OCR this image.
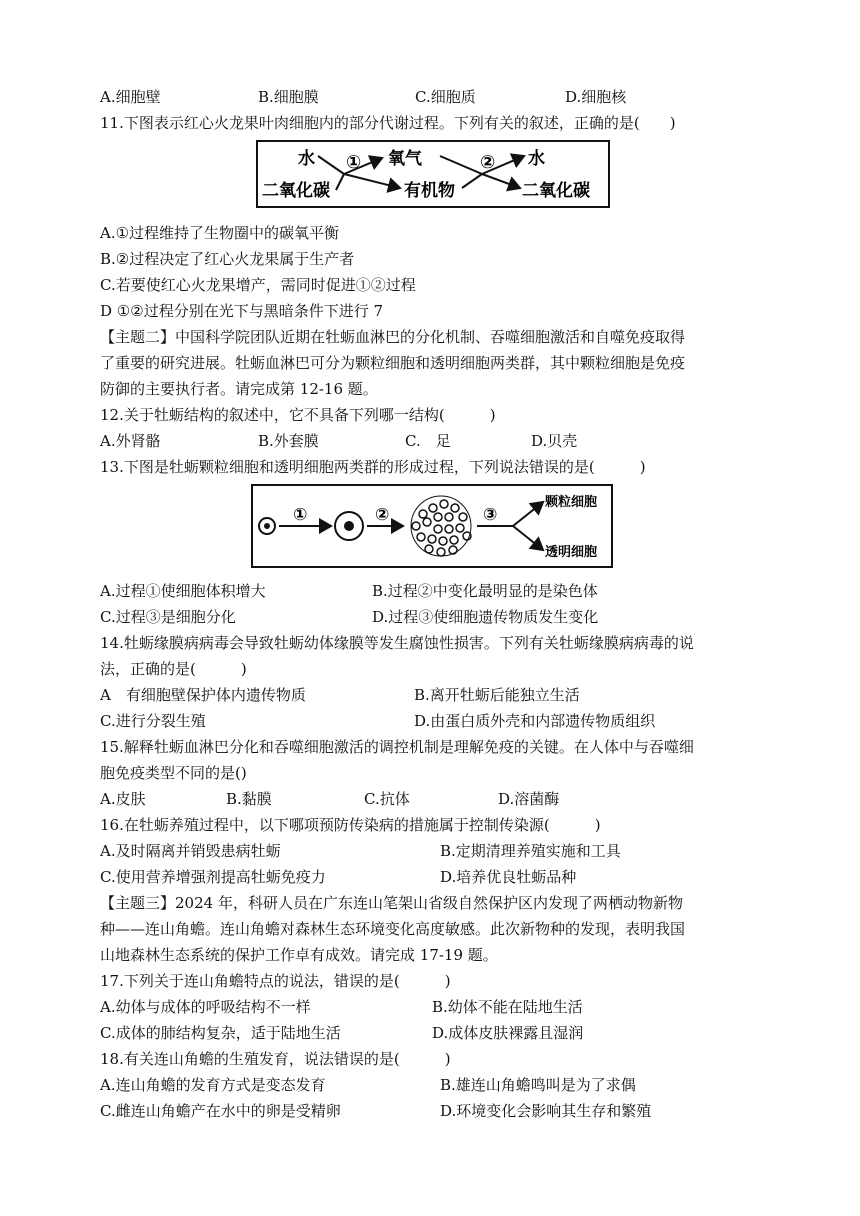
A.细胞壁	B.细胞膜	C.细胞质	D.细胞核
11.下图表示红心火龙果叶肉细胞内的部分代谢过程。下列有关的叙述，正确的是(　　)
水
二氧化碳
① 氧气
有机物
② 水
二氧化碳
A.①过程维持了生物圈中的碳氧平衡
B.②过程决定了红心火龙果属于生产者
C.若要使红心火龙果增产，需同时促进①②过程
D ①②过程分别在光下与黑暗条件下进行 7
【主题二】中国科学院团队近期在牡蛎血淋巴的分化机制、吞噬细胞激活和自噬免疫取得
了重要的研究进展。牡蛎血淋巴可分为颗粒细胞和透明细胞两类群，其中颗粒细胞是免疫
防御的主要执行者。请完成第 12-16 题。
12.关于牡蛎结构的叙述中，它不具备下列哪一结构(　　　)
A.外肾骼	B.外套膜	C.　足	D.贝壳
13.下图是牡蛎颗粒细胞和透明细胞两类群的形成过程，下列说法错误的是(　　　)
①	②	③
颗粒细胞
透明细胞
A.过程①使细胞体积增大	B.过程②中变化最明显的是染色体
C.过程③是细胞分化	D.过程③使细胞遗传物质发生变化
14.牡蛎缘膜病病毒会导致牡蛎幼体缘膜等发生腐蚀性损害。下列有关牡蛎缘膜病病毒的说
法，正确的是(　　　)
A　有细胞壁保护体内遗传物质	B.离开牡蛎后能独立生活
C.进行分裂生殖	D.由蛋白质外壳和内部遗传物质组织
15.解释牡蛎血淋巴分化和吞噬细胞激活的调控机制是理解免疫的关键。在人体中与吞噬细
胞免疫类型不同的是()
A.皮肤	B.黏膜	C.抗体	D.溶菌酶
16.在牡蛎养殖过程中，以下哪项预防传染病的措施属于控制传染源(　　　)
A.及时隔离并销毁患病牡蛎	B.定期清理养殖实施和工具
C.使用营养增强剂提高牡蛎免疫力	D.培养优良牡蛎品种
【主题三】2024 年，科研人员在广东连山笔架山省级自然保护区内发现了两栖动物新物
种——连山角蟾。连山角蟾对森林生态环境变化高度敏感。此次新物种的发现，表明我国
山地森林生态系统的保护工作卓有成效。请完成 17-19 题。
17.下列关于连山角蟾特点的说法，错误的是(　　　)
A.幼体与成体的呼吸结构不一样	B.幼体不能在陆地生活
C.成体的肺结构复杂，适于陆地生活	D.成体皮肤裸露且湿润
18.有关连山角蟾的生殖发育，说法错误的是(　　　)
A.连山角蟾的发育方式是变态发育	B.雄连山角蟾鸣叫是为了求偶
C.雌连山角蟾产在水中的卵是受精卵	D.环境变化会影响其生存和繁殖
